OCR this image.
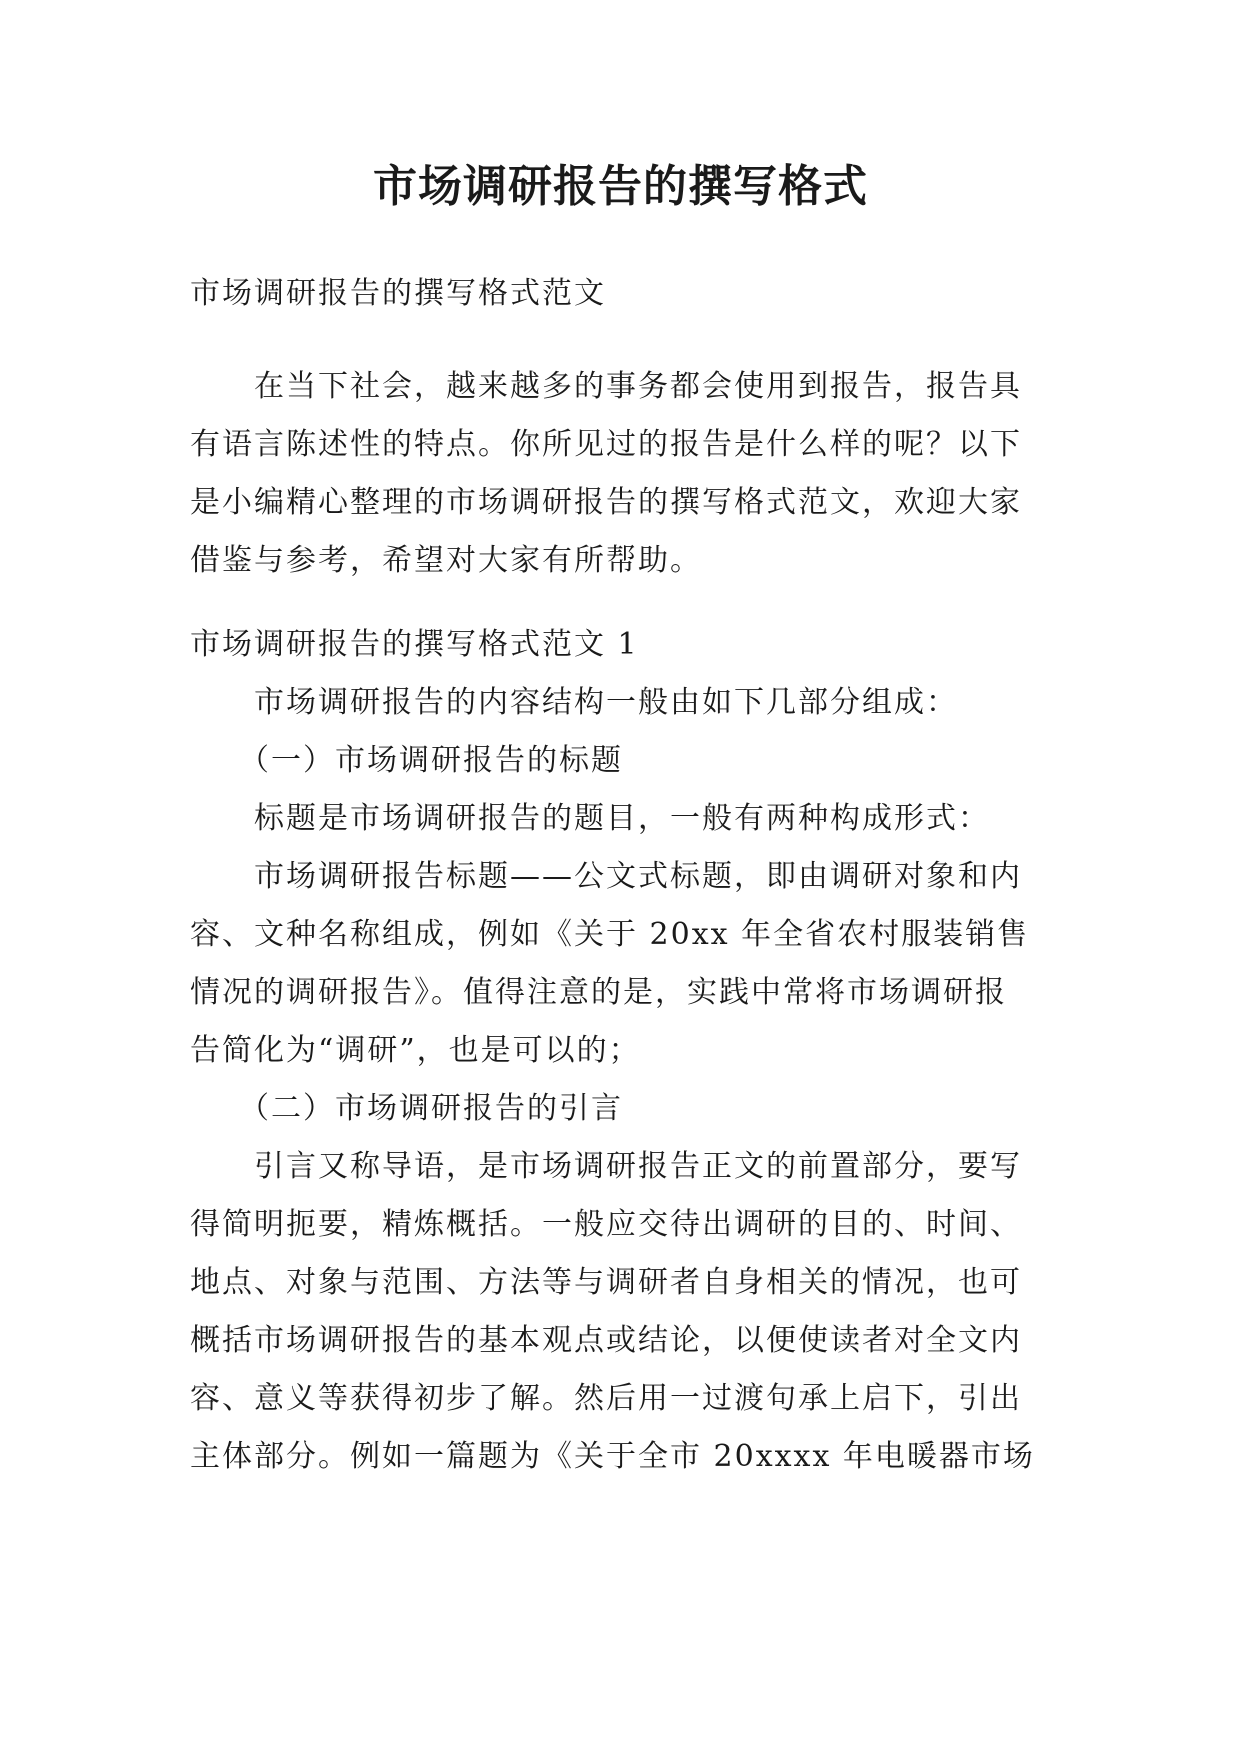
市场调研报告的撰写格式
市场调研报告的撰写格式范文
　　在当下社会，越来越多的事务都会使用到报告，报告具
有语言陈述性的特点。你所见过的报告是什么样的呢？以下
是小编精心整理的市场调研报告的撰写格式范文，欢迎大家
借鉴与参考，希望对大家有所帮助。
市场调研报告的撰写格式范文 1
　　市场调研报告的内容结构一般由如下几部分组成：
　　（一）市场调研报告的标题
　　标题是市场调研报告的题目，一般有两种构成形式：
　　市场调研报告标题——公文式标题，即由调研对象和内
容、文种名称组成，例如《关于 20xx 年全省农村服装销售
情况的调研报告》。值得注意的是，实践中常将市场调研报
告简化为“调研”，也是可以的；
　　（二）市场调研报告的引言
　　引言又称导语，是市场调研报告正文的前置部分，要写
得简明扼要，精炼概括。一般应交待出调研的目的、时间、
地点、对象与范围、方法等与调研者自身相关的情况，也可
概括市场调研报告的基本观点或结论，以便使读者对全文内
容、意义等获得初步了解。然后用一过渡句承上启下，引出
主体部分。例如一篇题为《关于全市 20xxxx 年电暖器市场
